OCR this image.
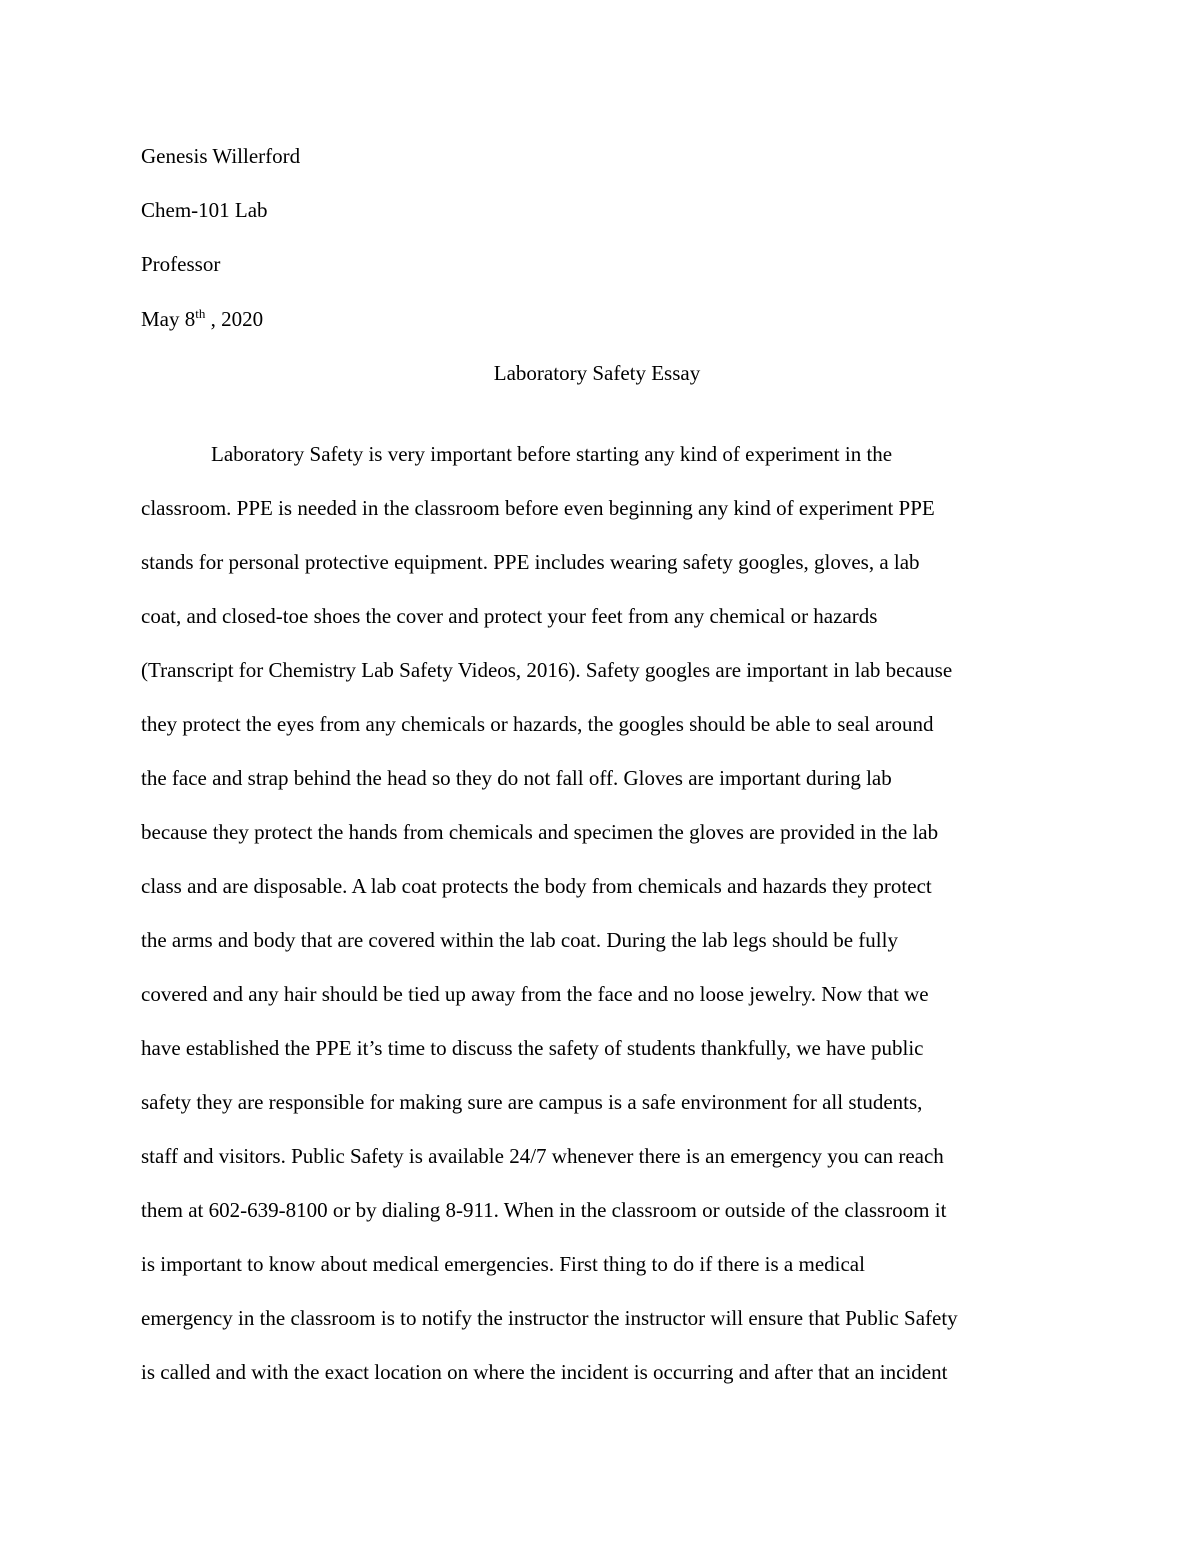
Genesis Willerford
Chem-101 Lab
Professor
May 8th , 2020
Laboratory Safety Essay
Laboratory Safety is very important before starting any kind of experiment in the
classroom. PPE is needed in the classroom before even beginning any kind of experiment PPE
stands for personal protective equipment. PPE includes wearing safety googles, gloves, a lab
coat, and closed-toe shoes the cover and protect your feet from any chemical or hazards
(Transcript for Chemistry Lab Safety Videos, 2016). Safety googles are important in lab because
they protect the eyes from any chemicals or hazards, the googles should be able to seal around
the face and strap behind the head so they do not fall off. Gloves are important during lab
because they protect the hands from chemicals and specimen the gloves are provided in the lab
class and are disposable. A lab coat protects the body from chemicals and hazards they protect
the arms and body that are covered within the lab coat. During the lab legs should be fully
covered and any hair should be tied up away from the face and no loose jewelry. Now that we
have established the PPE it’s time to discuss the safety of students thankfully, we have public
safety they are responsible for making sure are campus is a safe environment for all students,
staff and visitors. Public Safety is available 24/7 whenever there is an emergency you can reach
them at 602-639-8100 or by dialing 8-911. When in the classroom or outside of the classroom it
is important to know about medical emergencies. First thing to do if there is a medical
emergency in the classroom is to notify the instructor the instructor will ensure that Public Safety
is called and with the exact location on where the incident is occurring and after that an incident
